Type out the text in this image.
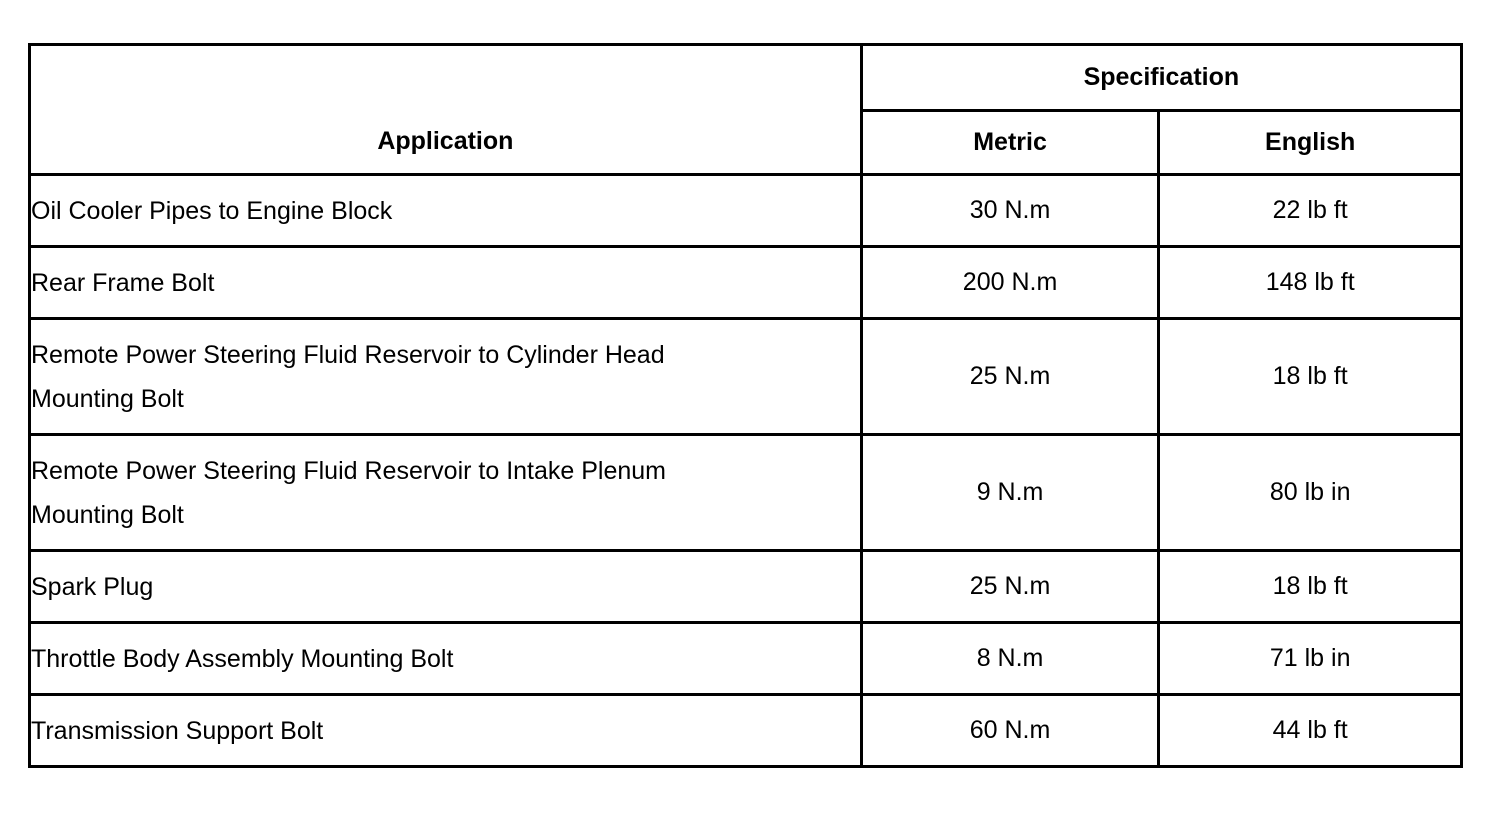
Application	Specification	
	Metric	English
Oil Cooler Pipes to Engine Block	30 N.m	22 lb ft
Rear Frame Bolt	200 N.m	148 lb ft
Remote Power Steering Fluid Reservoir to Cylinder Head
Mounting Bolt	25 N.m	18 lb ft
Remote Power Steering Fluid Reservoir to Intake Plenum
Mounting Bolt	9 N.m	80 lb in
Spark Plug	25 N.m	18 lb ft
Throttle Body Assembly Mounting Bolt	8 N.m	71 lb in
Transmission Support Bolt	60 N.m	44 lb ft
